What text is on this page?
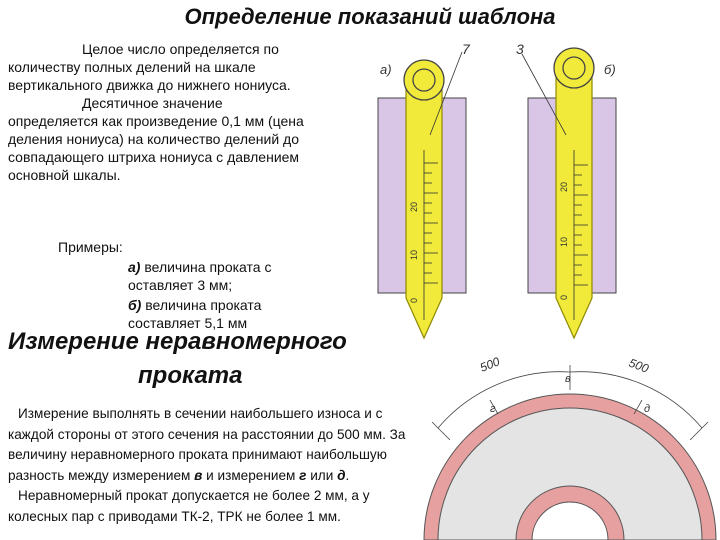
Определение показаний шаблона

Целое число определяется по количеству полных делений на шкале вертикального движка до нижнего нониуса.

Десятичное значение определяется как произведение 0,1 мм (цена деления нониуса) на количество делений до совпадающего штриха нониуса с давлением основной шкалы.

Примеры:
а) величина проката с оставляет 3 мм;
б) величина проката составляет 5,1 мм
Измерение неравномерного
проката

Измерение выполнять в сечении наибольшего износа и с каждой стороны от этого сечения на расстоянии до 500 мм. За величину неравномерного проката принимают наибольшую разность между измерением в и измерением г или д.

Неравномерный прокат допускается не более 2 мм, а у колесных пар с приводами ТК-2, ТРК не более 1 мм.

20
10
0
7
а)
20
10
0
3
б)
500	500
в
г	д
